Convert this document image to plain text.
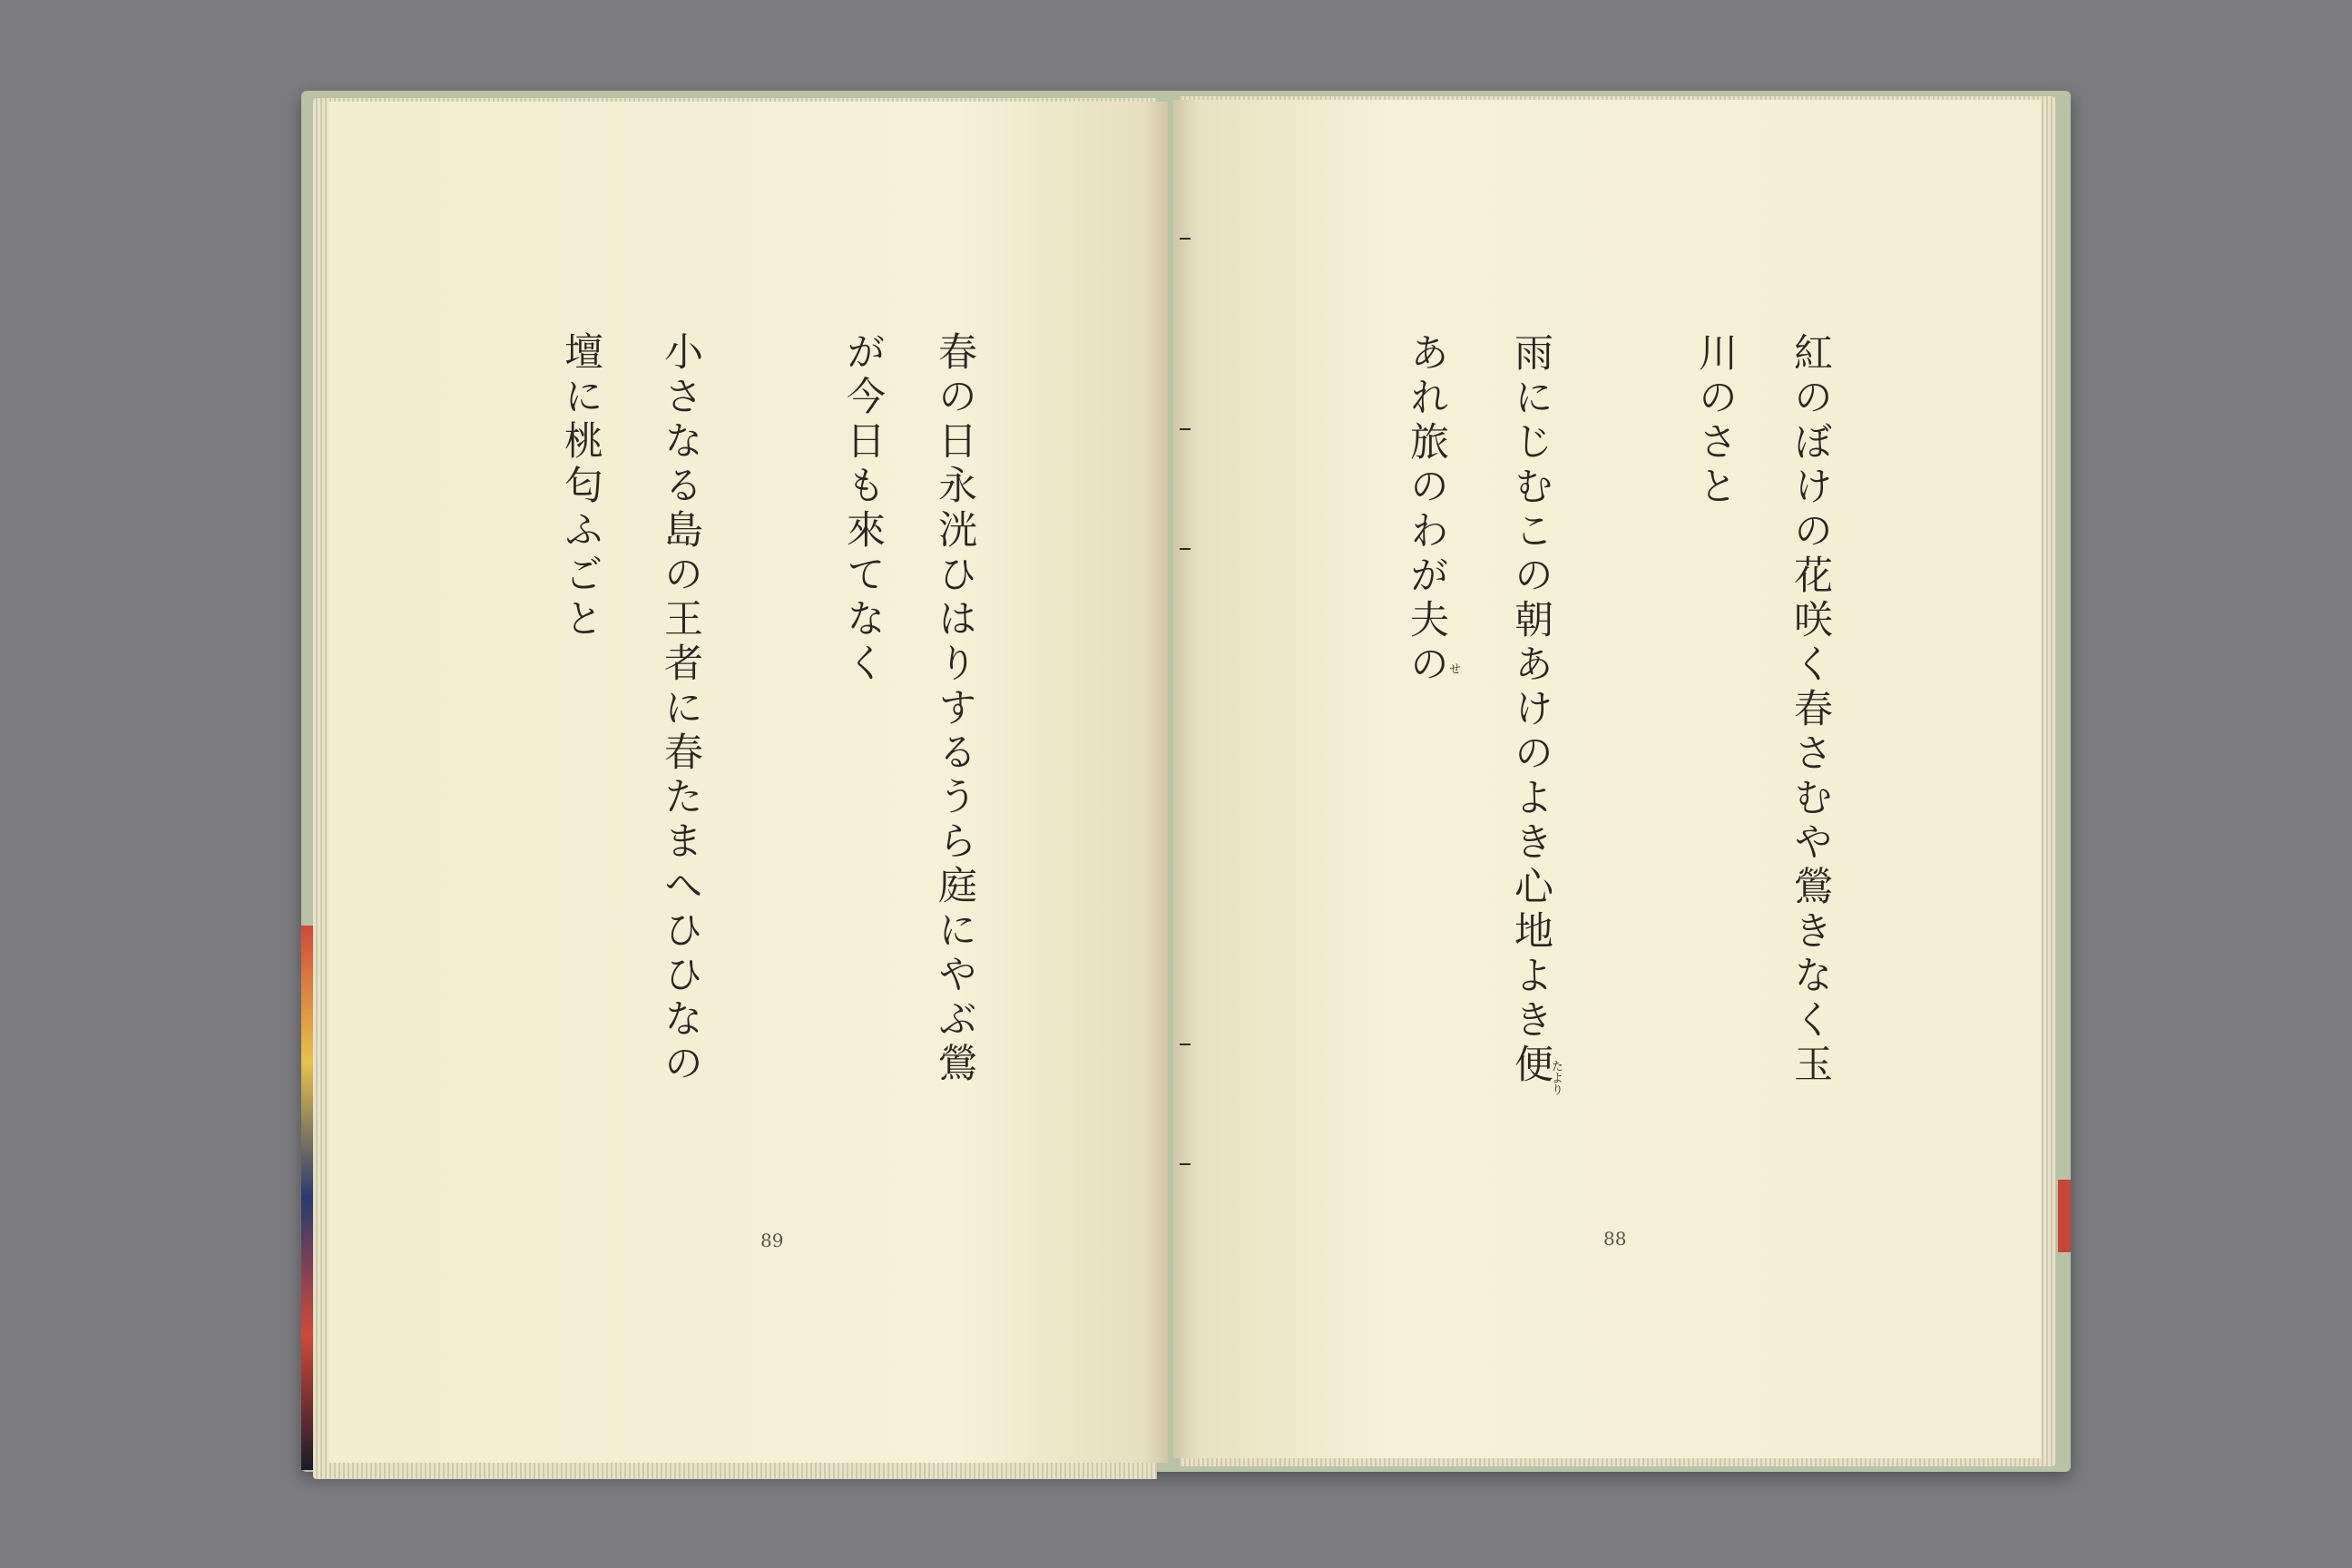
春の日永洸ひはりするうら庭にやぶ鶯
が今日も來てなく
小さなる島の王者に春たまへひひなの
壇に桃匂ふごと
89
紅のぼけの花咲く春さむや鶯きなく玉
川のさと
雨にじむこの朝あけのよき心地よき便
あれ旅のわが夫の
たより
せ
88
